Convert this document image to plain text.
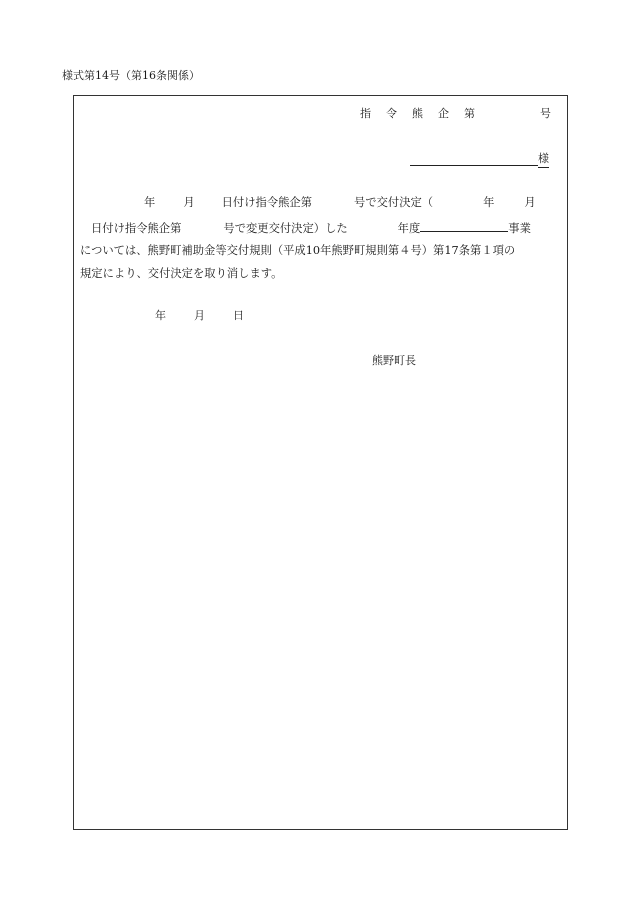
様式第14号（第16条関係）
指 令 熊 企 第	号
様
年 月 日付け指令熊企第	号で交付決定（	年	月
日付け指令熊企第	号で変更交付決定）した	年度	事業
については、熊野町補助金等交付規則（平成10年熊野町規則第４号）第17条第１項の
規定により、交付決定を取り消します。
年	月	日
熊野町長
